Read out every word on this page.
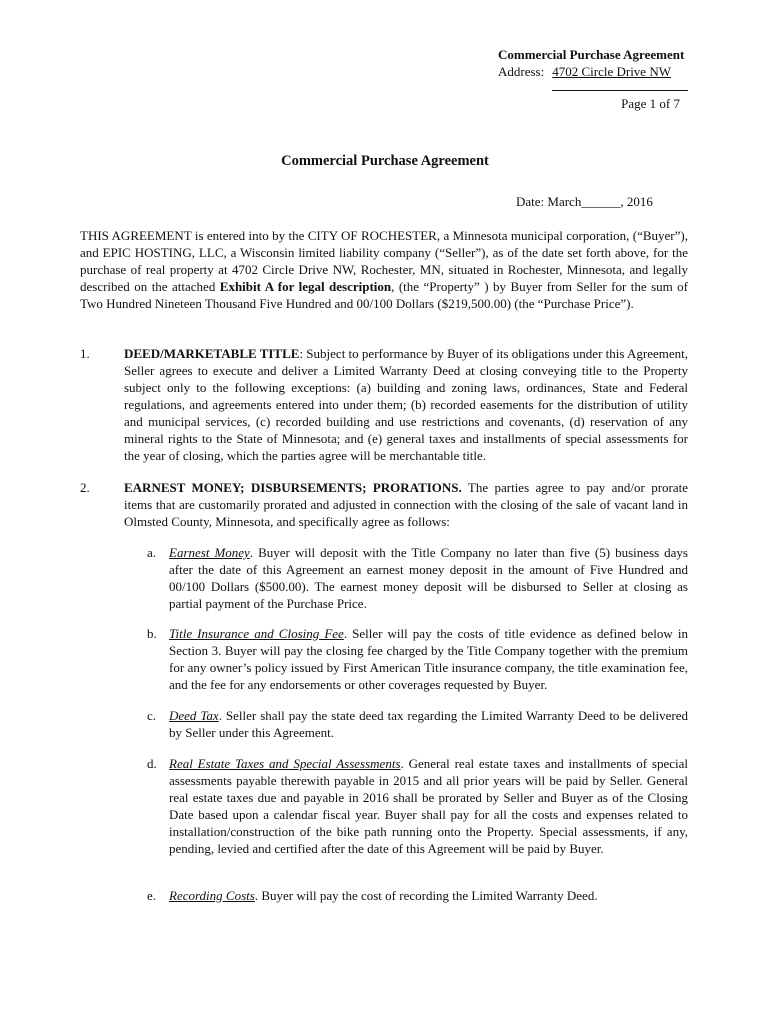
Commercial Purchase Agreement
Address: 4702 Circle Drive NW
Page 1 of 7
Commercial Purchase Agreement
Date: March______, 2016

THIS AGREEMENT is entered into by the CITY OF ROCHESTER, a Minnesota municipal corporation, (“Buyer”), and EPIC HOSTING, LLC, a Wisconsin limited liability company (“Seller”), as of the date set forth above, for the purchase of real property at 4702 Circle Drive NW, Rochester, MN, situated in Rochester, Minnesota, and legally described on the attached Exhibit A for legal description, (the “Property” ) by Buyer from Seller for the sum of Two Hundred Nineteen Thousand Five Hundred and 00/100 Dollars ($219,500.00) (the “Purchase Price”).

1.	DEED/MARKETABLE TITLE: Subject to performance by Buyer of its obligations under this Agreement, Seller agrees to execute and deliver a Limited Warranty Deed at closing conveying title to the Property subject only to the following exceptions: (a) building and zoning laws, ordinances, State and Federal regulations, and agreements entered into under them; (b) recorded easements for the distribution of utility and municipal services, (c) recorded building and use restrictions and covenants, (d) reservation of any mineral rights to the State of Minnesota; and (e) general taxes and installments of special assessments for the year of closing, which the parties agree will be merchantable title.
2.	EARNEST MONEY; DISBURSEMENTS; PRORATIONS. The parties agree to pay and/or prorate items that are customarily prorated and adjusted in connection with the closing of the sale of vacant land in Olmsted County, Minnesota, and specifically agree as follows:
a. Earnest Money. Buyer will deposit with the Title Company no later than five (5) business days after the date of this Agreement an earnest money deposit in the amount of Five Hundred and 00/100 Dollars ($500.00). The earnest money deposit will be disbursed to Seller at closing as partial payment of the Purchase Price.
b. Title Insurance and Closing Fee. Seller will pay the costs of title evidence as defined below in Section 3. Buyer will pay the closing fee charged by the Title Company together with the premium for any owner’s policy issued by First American Title insurance company, the title examination fee, and the fee for any endorsements or other coverages requested by Buyer.
c. Deed Tax. Seller shall pay the state deed tax regarding the Limited Warranty Deed to be delivered by Seller under this Agreement.
d. Real Estate Taxes and Special Assessments. General real estate taxes and installments of special assessments payable therewith payable in 2015 and all prior years will be paid by Seller. General real estate taxes due and payable in 2016 shall be prorated by Seller and Buyer as of the Closing Date based upon a calendar fiscal year. Buyer shall pay for all the costs and expenses related to installation/construction of the bike path running onto the Property. Special assessments, if any, pending, levied and certified after the date of this Agreement will be paid by Buyer.
e. Recording Costs. Buyer will pay the cost of recording the Limited Warranty Deed.
